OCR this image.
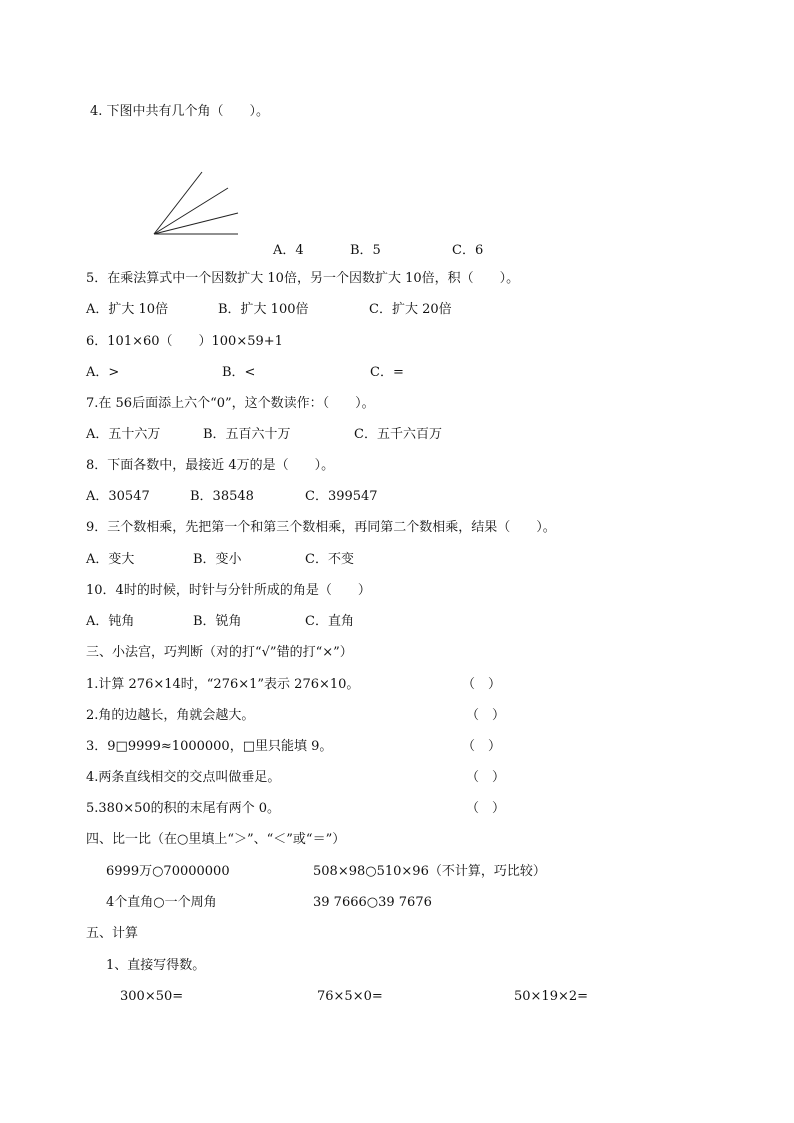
4. 下图中共有几个角（　　）。
A．4	B．5	C．6
5．在乘法算式中一个因数扩大 10倍，另一个因数扩大 10倍，积（　　）。
A．扩大 10倍	B．扩大 100倍	C．扩大 20倍
6．101×60（　　）100×59+1
A．>	B．<	C．=
7.在 56后面添上六个“0”，这个数读作：（　　）。
A．五十六万	B．五百六十万	C．五千六百万
8．下面各数中，最接近 4万的是（　　）。
A．30547	B．38548	C．399547
9．三个数相乘，先把第一个和第三个数相乘，再同第二个数相乘，结果（　　）。
A．变大	B．变小	C．不变
10．4时的时候，时针与分针所成的角是（　　）
A．钝角	B．锐角	C．直角
三、小法宫，巧判断（对的打“√”错的打“×”）
1.计算 276×14时，“276×1”表示 276×10。	（　）
2.角的边越长，角就会越大。	（　）
3．9□9999≈1000000，□里只能填 9。	（　）
4.两条直线相交的交点叫做垂足。	（　）
5.380×50的积的末尾有两个 0。	（　）
四、比一比（在○里填上“＞”、“＜”或“＝”）
6999万○70000000	508×98○510×96（不计算，巧比较）
4个直角○一个周角	39 7666○39 7676
五、计算
1、直接写得数。
300×50=	76×5×0=	50×19×2=
